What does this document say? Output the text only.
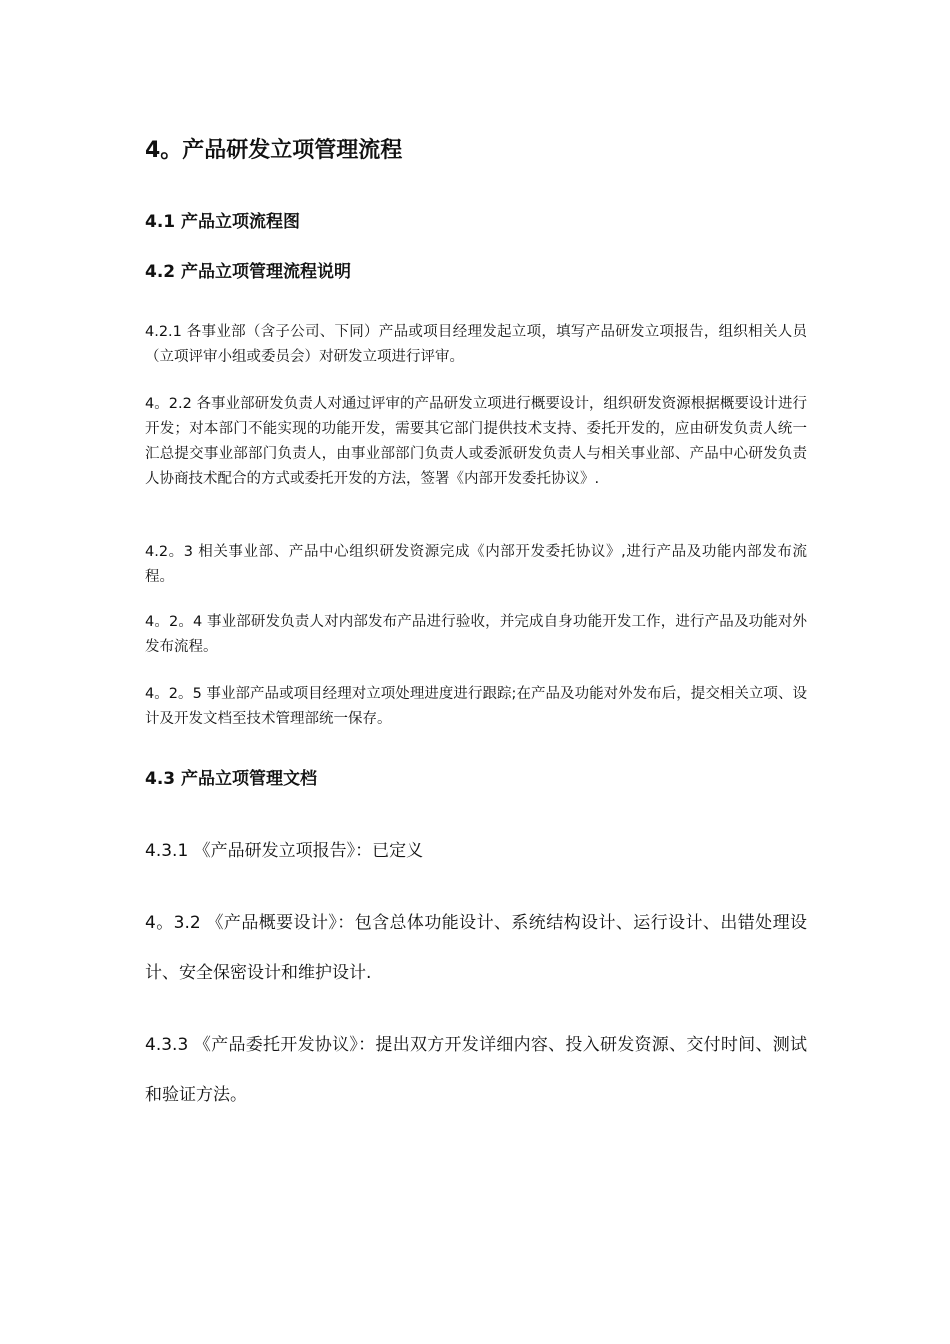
4。产品研发立项管理流程
4.1 产品立项流程图
4.2 产品立项管理流程说明

4.2.1 各事业部（含子公司、下同）产品或项目经理发起立项，填写产品研发立项报告，组织相关人员（立项评审小组或委员会）对研发立项进行评审。

4。2.2 各事业部研发负责人对通过评审的产品研发立项进行概要设计，组织研发资源根据概要设计进行开发；对本部门不能实现的功能开发，需要其它部门提供技术支持、委托开发的，应由研发负责人统一汇总提交事业部部门负责人，由事业部部门负责人或委派研发负责人与相关事业部、产品中心研发负责人协商技术配合的方式或委托开发的方法，签署《内部开发委托协议》.

4.2。3 相关事业部、产品中心组织研发资源完成《内部开发委托协议》,进行产品及功能内部发布流程。

4。2。4 事业部研发负责人对内部发布产品进行验收，并完成自身功能开发工作，进行产品及功能对外发布流程。

4。2。5 事业部产品或项目经理对立项处理进度进行跟踪;在产品及功能对外发布后，提交相关立项、设计及开发文档至技术管理部统一保存。

4.3 产品立项管理文档

4.3.1 《产品研发立项报告》：已定义

4。3.2 《产品概要设计》：包含总体功能设计、系统结构设计、运行设计、出错处理设计、安全保密设计和维护设计.

4.3.3 《产品委托开发协议》：提出双方开发详细内容、投入研发资源、交付时间、测试和验证方法。
